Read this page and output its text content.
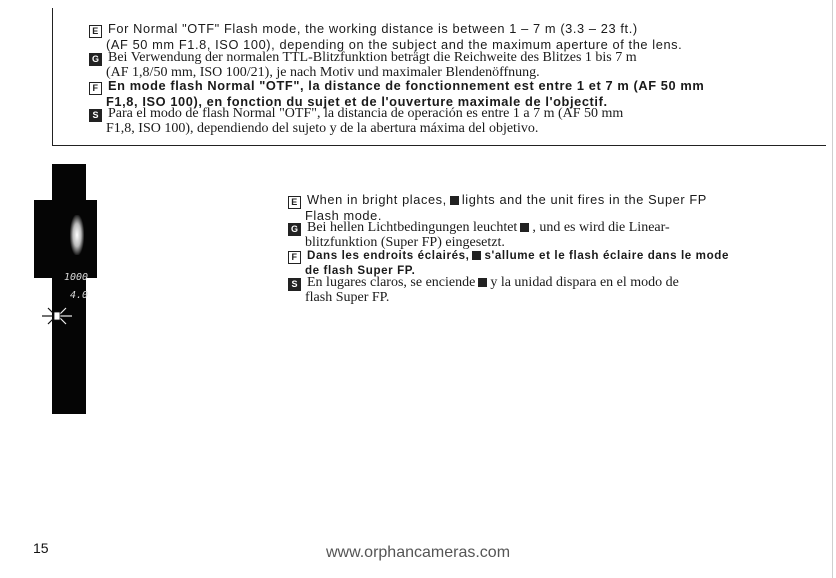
E For Normal "OTF" Flash mode, the working distance is between 1 – 7 m (3.3 – 23 ft.)
(AF 50 mm F1.8, ISO 100), depending on the subject and the maximum aperture of the lens.
G Bei Verwendung der normalen TTL-Blitzfunktion beträgt die Reichweite des Blitzes 1 bis 7 m
(AF 1,8/50 mm, ISO 100/21), je nach Motiv und maximaler Blendenöffnung.
F En mode flash Normal "OTF", la distance de fonctionnement est entre 1 et 7 m (AF 50 mm
F1,8, ISO 100), en fonction du sujet et de l'ouverture maximale de l'objectif.
S Para el modo de flash Normal "OTF", la distancia de operación es entre 1 a 7 m (AF 50 mm
F1,8, ISO 100), dependiendo del sujeto y de la abertura máxima del objetivo.
1000
4.0
E When in bright places, lights and the unit fires in the Super FP
Flash mode.
G Bei hellen Lichtbedingungen leuchtet , und es wird die Linear-
blitzfunktion (Super FP) eingesetzt.
F Dans les endroits éclairés, s'allume et le flash éclaire dans le mode
de flash Super FP.
S En lugares claros, se enciende y la unidad dispara en el modo de
flash Super FP.
15	www.orphancameras.com
